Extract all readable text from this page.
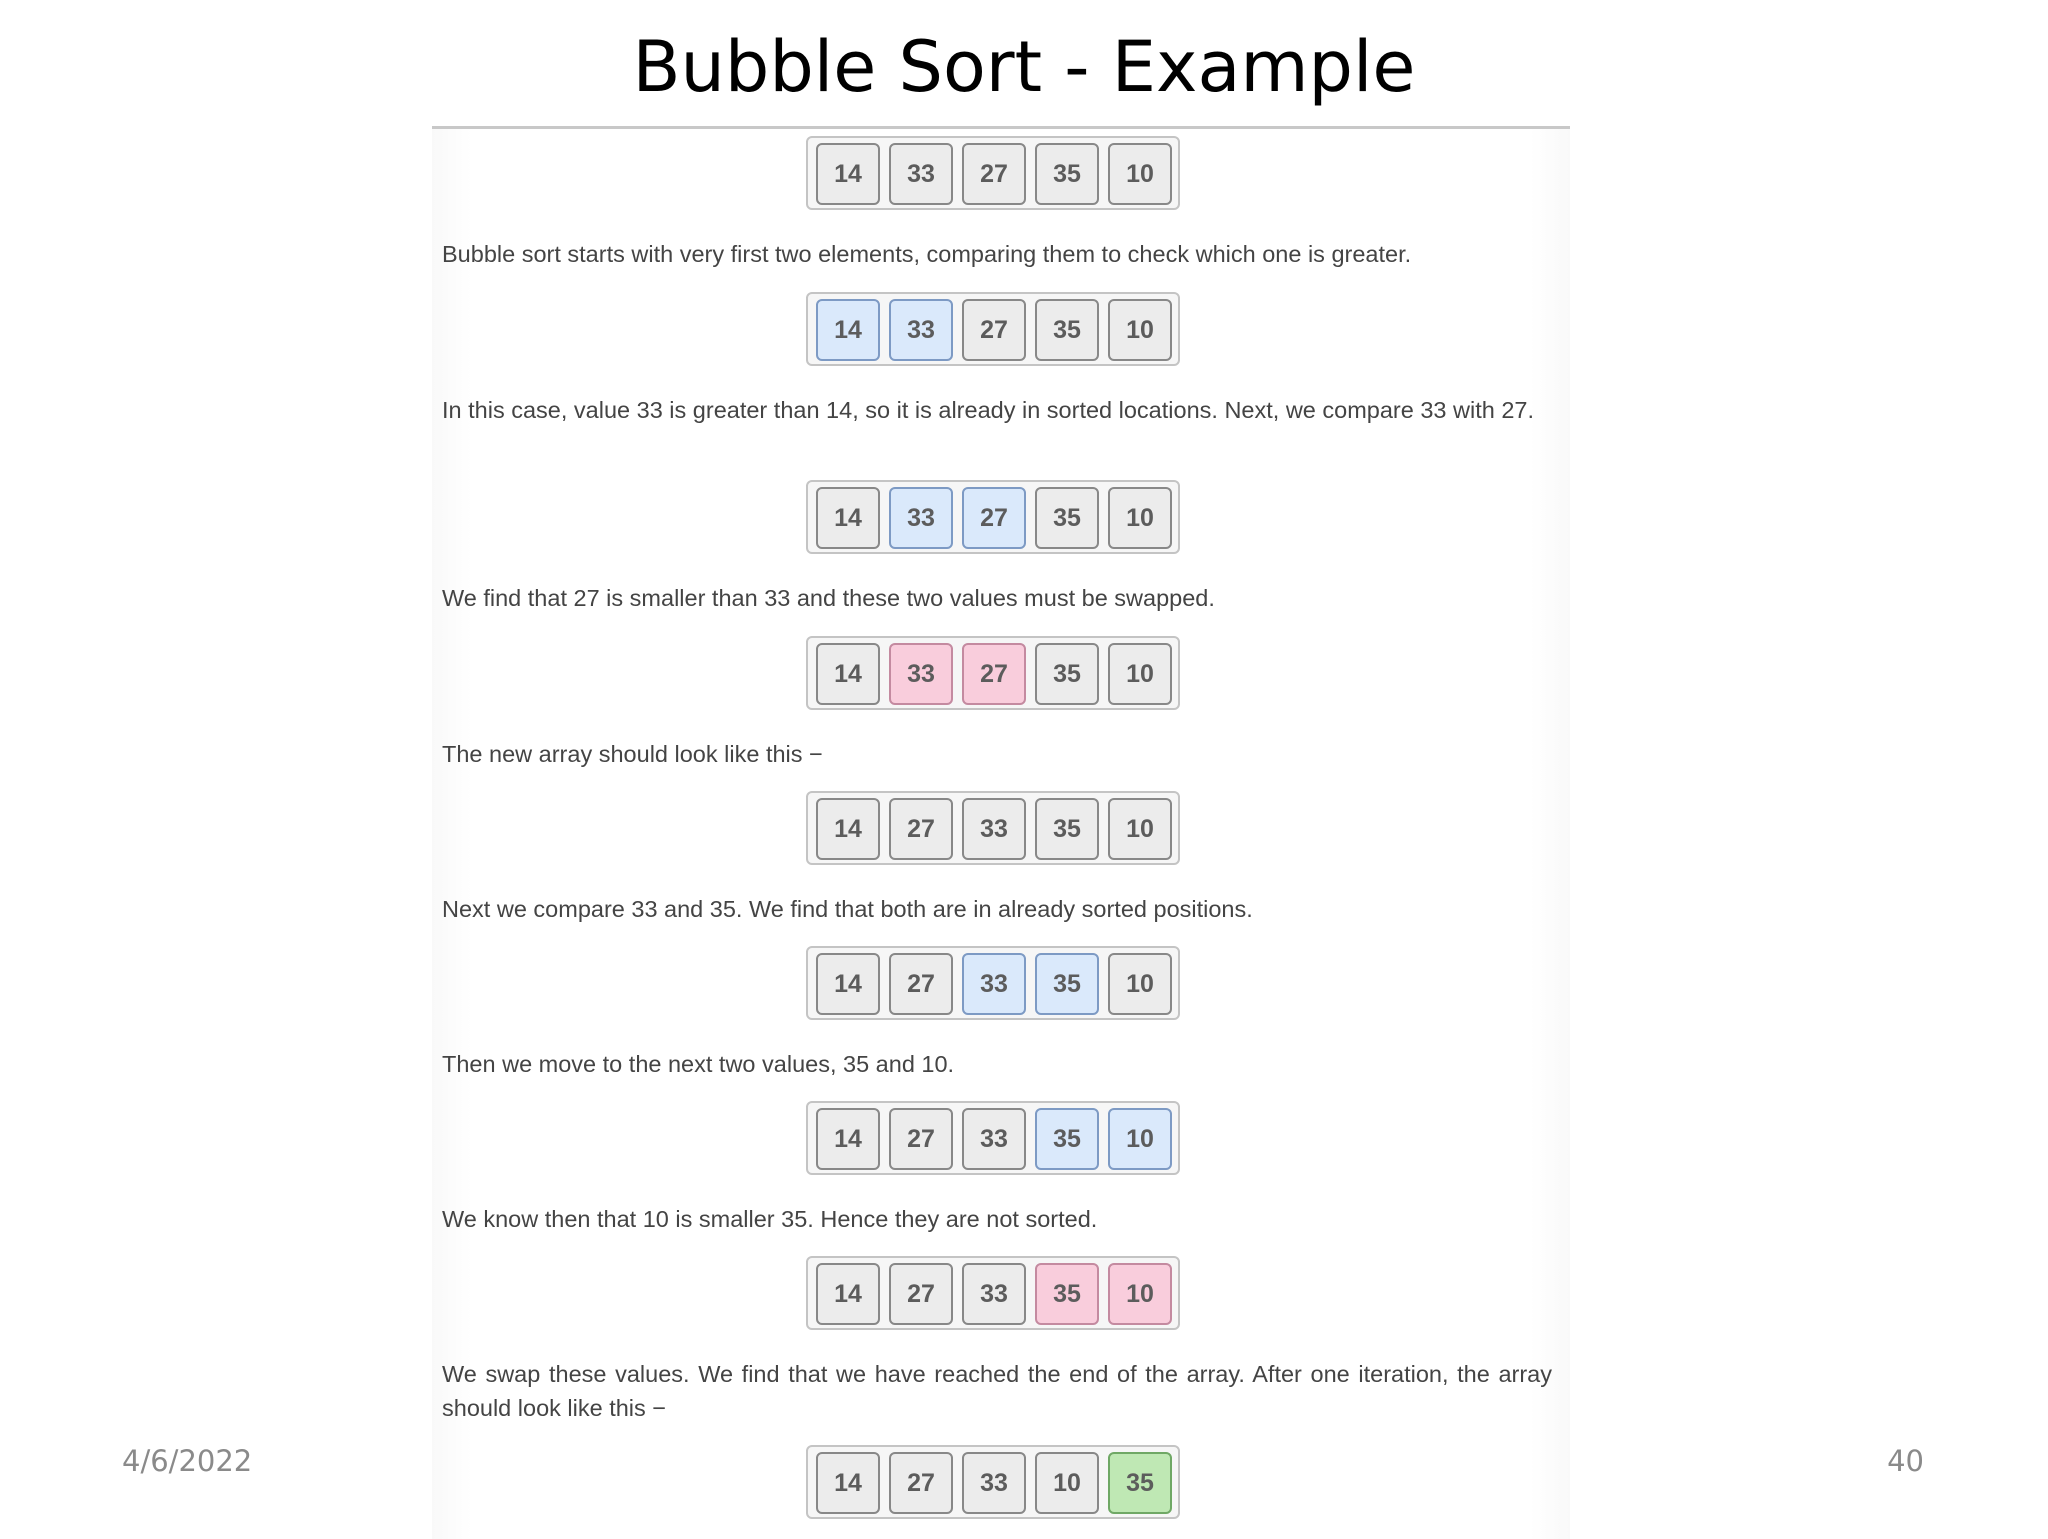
Bubble Sort - Example
14	33	27	35	10

Bubble sort starts with very first two elements, comparing them to check which one is greater.

14	33	27	35	10

In this case, value 33 is greater than 14, so it is already in sorted locations. Next, we compare 33 with 27.

14	33	27	35	10

We find that 27 is smaller than 33 and these two values must be swapped.

14	33	27	35	10

The new array should look like this −

14	27	33	35	10

Next we compare 33 and 35. We find that both are in already sorted positions.

14	27	33	35	10

Then we move to the next two values, 35 and 10.

14	27	33	35	10

We know then that 10 is smaller 35. Hence they are not sorted.

14	27	33	35	10

We swap these values. We find that we have reached the end of the array. After one iteration, the array should look like this −

14	27	33	10	35
4/6/2022	40
